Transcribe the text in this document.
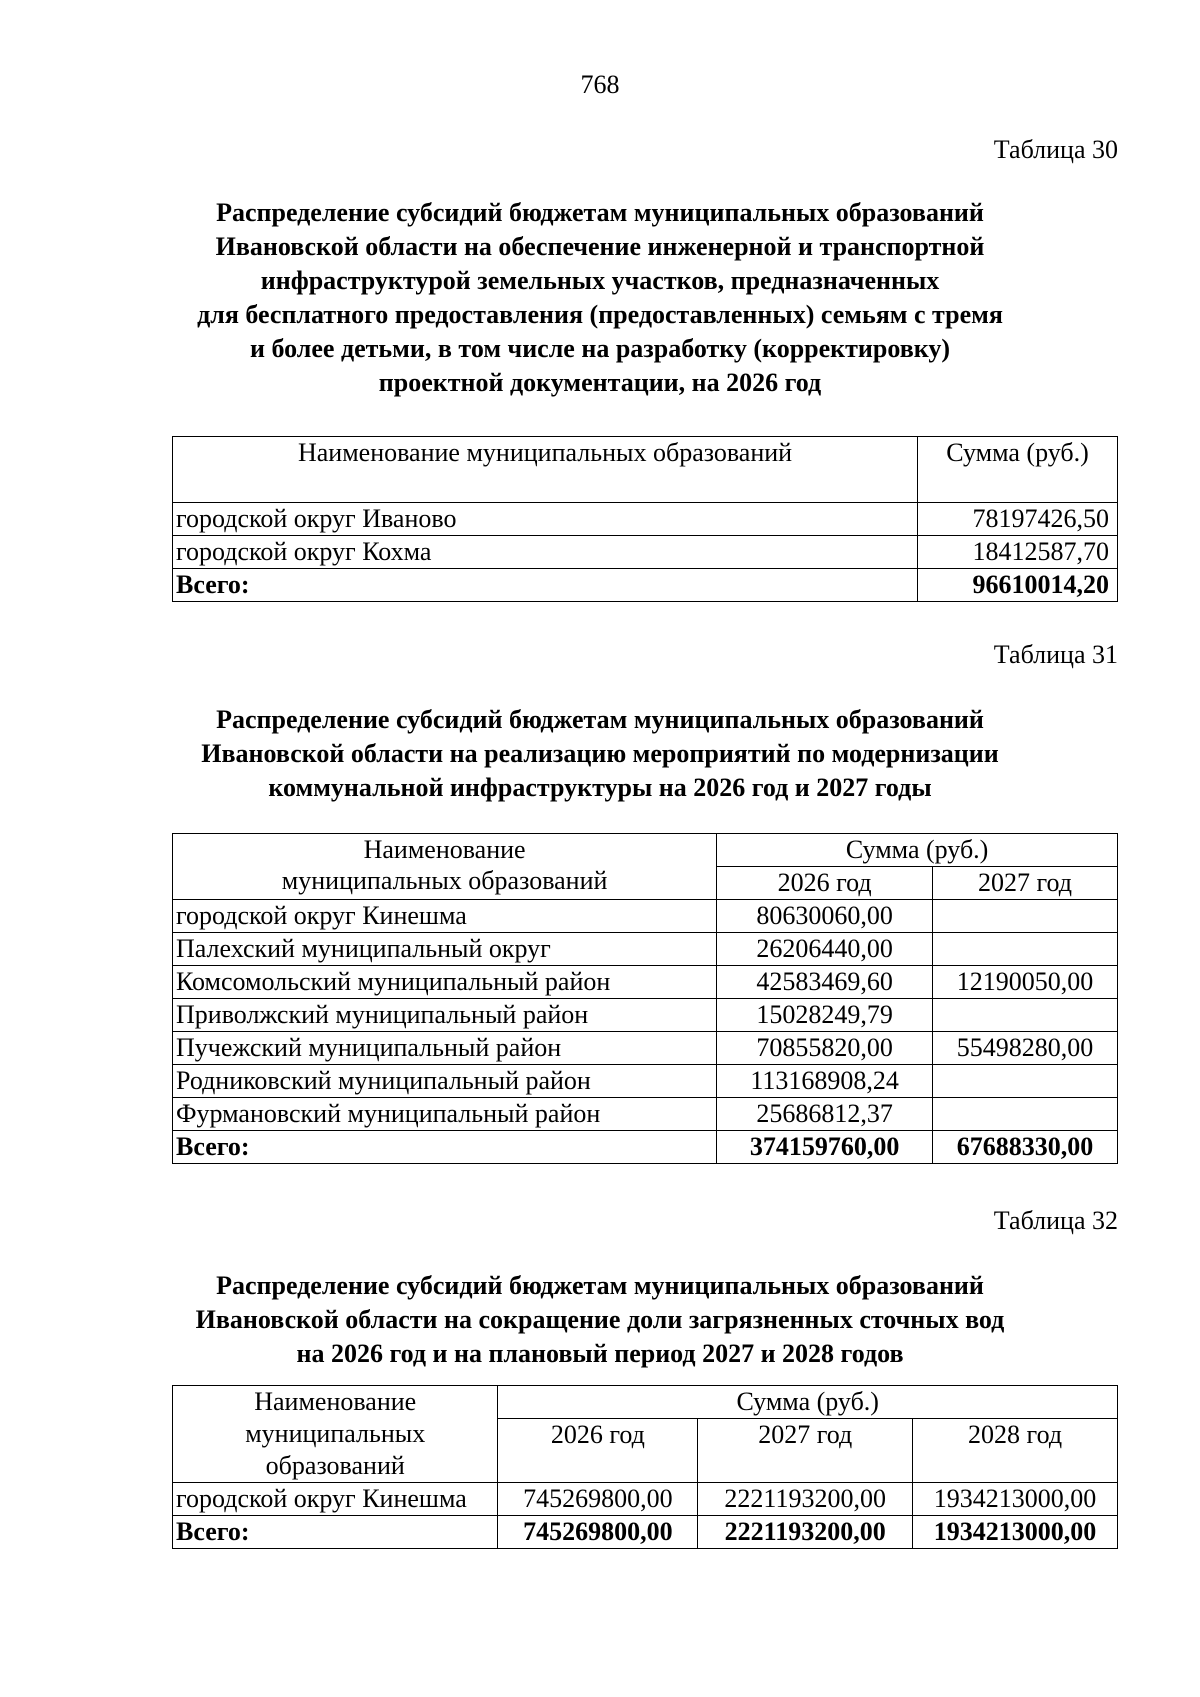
768
Таблица 30
Распределение субсидий бюджетам муниципальных образований
Ивановской области на обеспечение инженерной и транспортной
инфраструктурой земельных участков, предназначенных
для бесплатного предоставления (предоставленных) семьям с тремя
и более детьми, в том числе на разработку (корректировку)
проектной документации, на 2026 год
Наименование муниципальных образований	Сумма (руб.)
городской округ Иваново	78197426,50
городской округ Кохма	18412587,70
Всего:	96610014,20
Таблица 31
Распределение субсидий бюджетам муниципальных образований
Ивановской области на реализацию мероприятий по модернизации
коммунальной инфраструктуры на 2026 год и 2027 годы
Наименование
муниципальных образований	Сумма (руб.)	
	2026 год	2027 год
городской округ Кинешма	80630060,00	
Палехский муниципальный округ	26206440,00	
Комсомольский муниципальный район	42583469,60	12190050,00
Приволжский муниципальный район	15028249,79	
Пучежский муниципальный район	70855820,00	55498280,00
Родниковский муниципальный район	113168908,24	
Фурмановский муниципальный район	25686812,37	
Всего:	374159760,00	67688330,00
Таблица 32
Распределение субсидий бюджетам муниципальных образований
Ивановской области на сокращение доли загрязненных сточных вод
на 2026 год и на плановый период 2027 и 2028 годов
Наименование
муниципальных
образований	Сумма (руб.)		
	2026 год	2027 год	2028 год
городской округ Кинешма	745269800,00	2221193200,00	1934213000,00
Всего:	745269800,00	2221193200,00	1934213000,00
